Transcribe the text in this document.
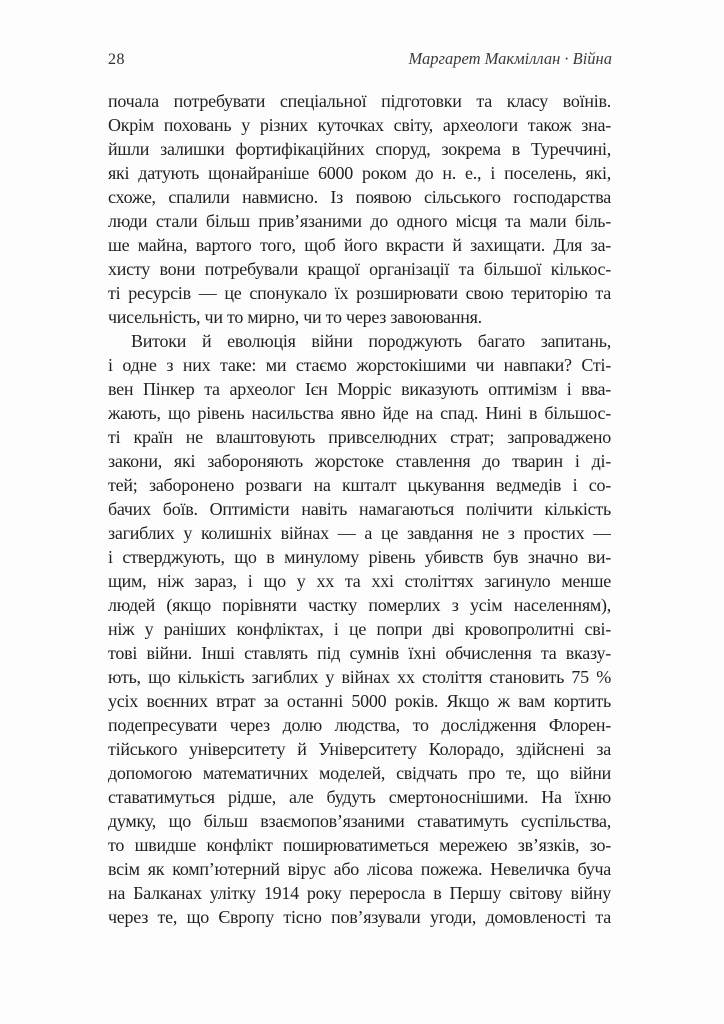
28	Маргарет Макміллан · Війна
почала потребувати спеціальної підготовки та класу воїнів.
Окрім поховань у різних куточках світу, археологи також зна-
йшли залишки фортифікаційних споруд, зокрема в Туреччині,
які датують щонайраніше 6000 роком до н. е., і поселень, які,
схоже, спалили навмисно. Із появою сільського господарства
люди стали більш прив’язаними до одного місця та мали біль-
ше майна, вартого того, щоб його вкрасти й захищати. Для за-
хисту вони потребували кращої організації та більшої кількос-
ті ресурсів — це спонукало їх розширювати свою територію та
чисельність, чи то мирно, чи то через завоювання.
Витоки й еволюція війни породжують багато запитань,
і одне з них таке: ми стаємо жорстокішими чи навпаки? Сті-
вен Пінкер та археолог Ієн Морріс виказують оптимізм і вва-
жають, що рівень насильства явно йде на спад. Нині в більшос-
ті країн не влаштовують привселюдних страт; запроваджено
закони, які забороняють жорстоке ставлення до тварин і ді-
тей; заборонено розваги на кшталт цькування ведмедів і со-
бачих боїв. Оптимісти навіть намагаються полічити кількість
загиблих у колишніх війнах — а це завдання не з простих —
і стверджують, що в минулому рівень убивств був значно ви-
щим, ніж зараз, і що у хх та ххі століттях загинуло менше
людей (якщо порівняти частку померлих з усім населенням),
ніж у раніших конфліктах, і це попри дві кровопролитні сві-
тові війни. Інші ставлять під сумнів їхні обчислення та вказу-
ють, що кількість загиблих у війнах хх століття становить 75 %
усіх воєнних втрат за останні 5000 років. Якщо ж вам кортить
подепресувати через долю людства, то дослідження Флорен-
тійського університету й Університету Колорадо, здійснені за
допомогою математичних моделей, свідчать про те, що війни
ставатимуться рідше, але будуть смертоноснішими. На їхню
думку, що більш взаємопов’язаними ставатимуть суспільства,
то швидше конфлікт поширюватиметься мережею зв’язків, зо-
всім як комп’ютерний вірус або лісова пожежа. Невеличка буча
на Балканах улітку 1914 року переросла в Першу світову війну
через те, що Європу тісно пов’язували угоди, домовленості та
